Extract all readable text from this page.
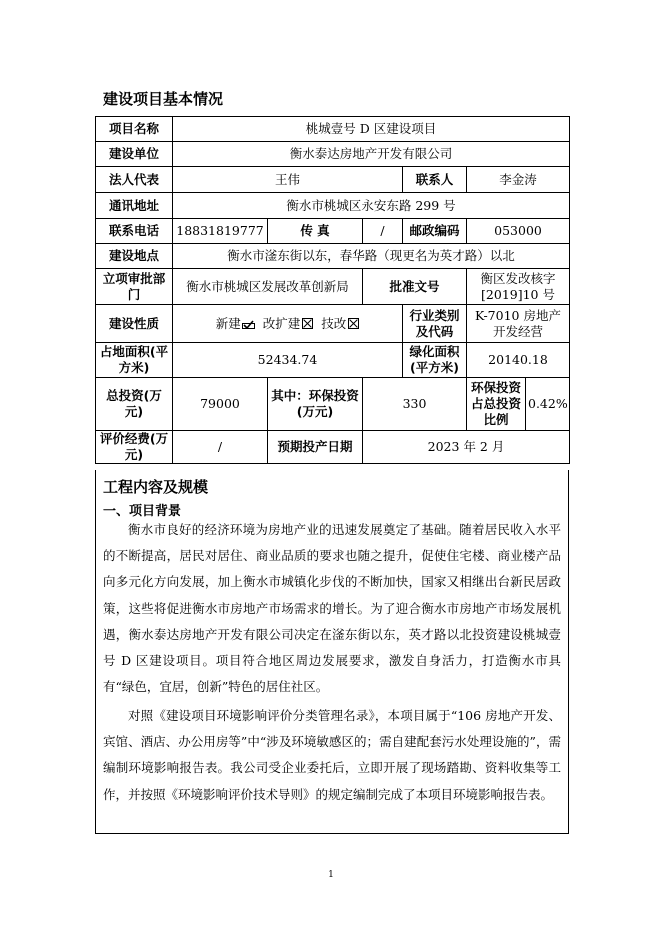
建设项目基本情况
项目名称	桃城壹号 D 区建设项目					
建设单位	衡水泰达房地产开发有限公司					
法人代表	王伟			联系人	李金涛	
通讯地址	衡水市桃城区永安东路 299 号					
联系电话	18831819777	传 真	/	邮政编码	053000	
建设地点	衡水市滏东街以东，春华路（现更名为英才路）以北					
立项审批部门	衡水市桃城区发展改革创新局		批准文号		衡区发改核字[2019]10 号	
建设性质	新建 改扩建 ☒ 技改			行业类别及代码	K-7010 房地产开发经营	
占地面积(平方米)	52434.74			绿化面积(平方米)	20140.18	
总投资(万元)	79000	其中：环保投资(万元)	330		环保投资占总投资比例	0.42%
评价经费(万元)	/	预期投产日期	2023 年 2 月			
工程内容及规模
一、项目背景
衡水市良好的经济环境为房地产业的迅速发展奠定了基础。随着居民收入水平的不断提高，居民对居住、商业品质的要求也随之提升，促使住宅楼、商业楼产品向多元化方向发展，加上衡水市城镇化步伐的不断加快，国家又相继出台新民居政策，这些将促进衡水市房地产市场需求的增长。为了迎合衡水市房地产市场发展机遇，衡水泰达房地产开发有限公司决定在滏东街以东，英才路以北投资建设桃城壹号 D 区建设项目。项目符合地区周边发展要求，激发自身活力，打造衡水市具有“绿色，宜居，创新”特色的居住社区。
对照《建设项目环境影响评价分类管理名录》，本项目属于“106 房地产开发、宾馆、酒店、办公用房等”中“涉及环境敏感区的；需自建配套污水处理设施的”，需编制环境影响报告表。我公司受企业委托后，立即开展了现场踏勘、资料收集等工作，并按照《环境影响评价技术导则》的规定编制完成了本项目环境影响报告表。
1
